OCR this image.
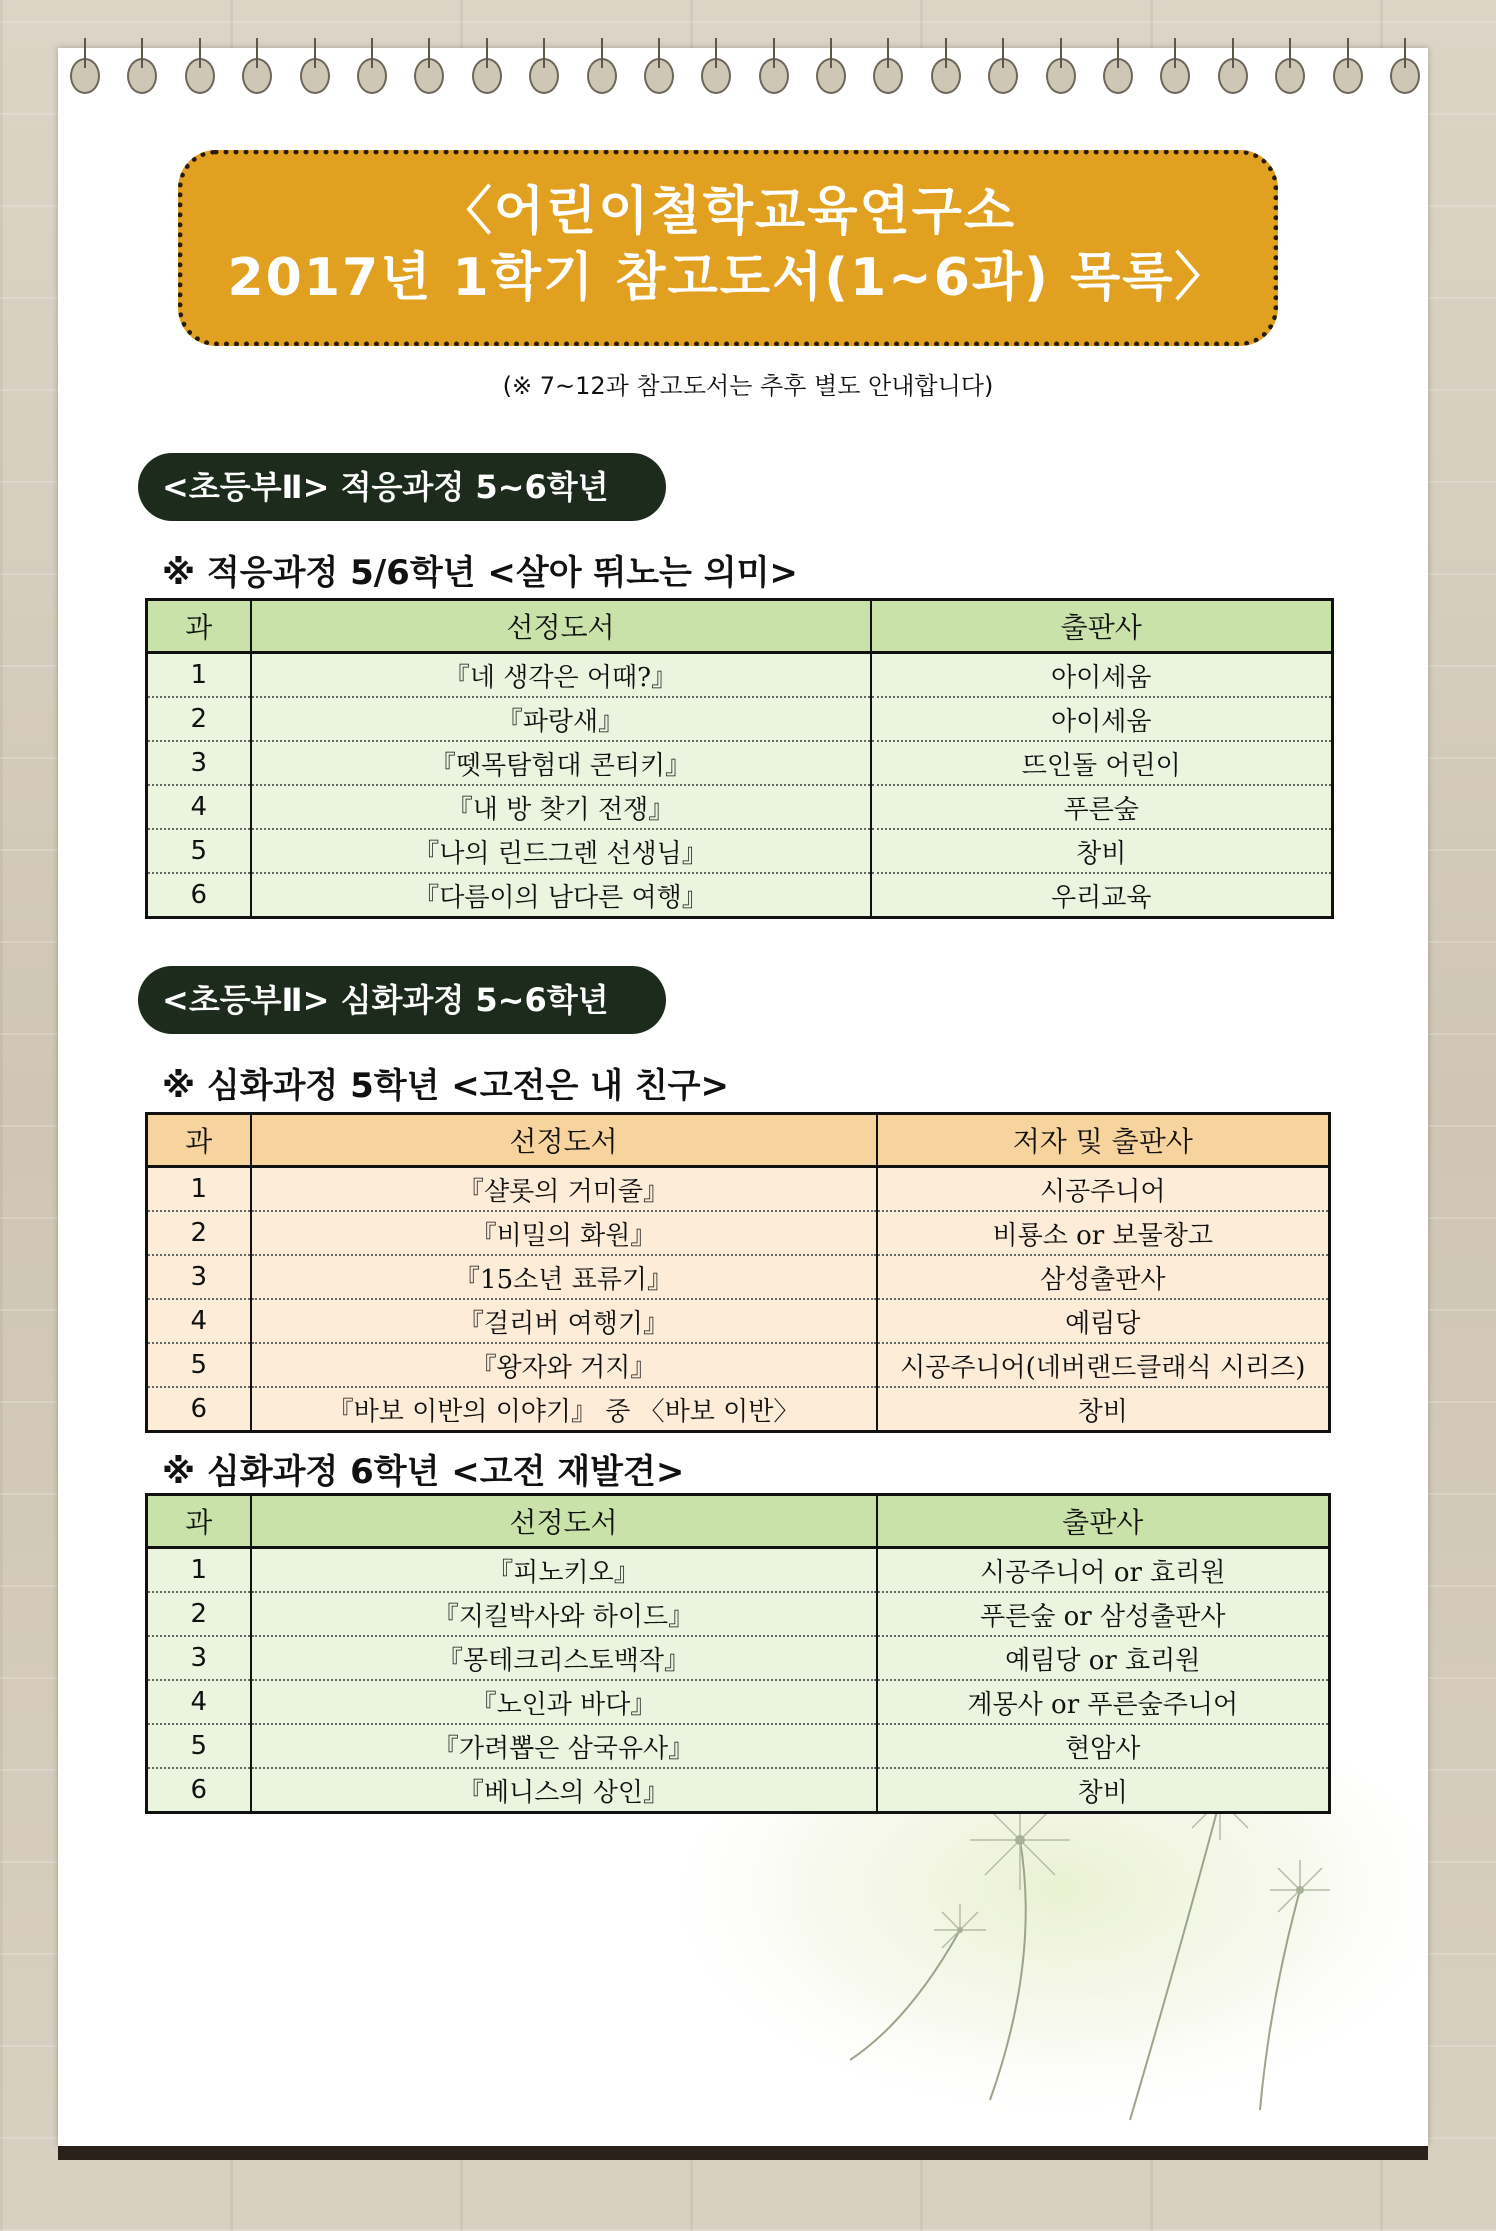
〈어린이철학교육연구소
2017년 1학기 참고도서(1~6과) 목록〉
(※ 7~12과 참고도서는 추후 별도 안내합니다)
<초등부Ⅱ> 적응과정 5~6학년
※ 적응과정 5/6학년 <살아 뛰노는 의미>
과	선정도서	출판사
1	『네 생각은 어때?』	아이세움
2	『파랑새』	아이세움
3	『뗏목탐험대 콘티키』	뜨인돌 어린이
4	『내 방 찾기 전쟁』	푸른숲
5	『나의 린드그렌 선생님』	창비
6	『다름이의 남다른 여행』	우리교육
<초등부Ⅱ> 심화과정 5~6학년
※ 심화과정 5학년 <고전은 내 친구>
과	선정도서	저자 및 출판사
1	『샬롯의 거미줄』	시공주니어
2	『비밀의 화원』	비룡소 or 보물창고
3	『15소년 표류기』	삼성출판사
4	『걸리버 여행기』	예림당
5	『왕자와 거지』	시공주니어(네버랜드클래식 시리즈)
6	『바보 이반의 이야기』 중 〈바보 이반〉	창비
※ 심화과정 6학년 <고전 재발견>
과	선정도서	출판사
1	『피노키오』	시공주니어 or 효리원
2	『지킬박사와 하이드』	푸른숲 or 삼성출판사
3	『몽테크리스토백작』	예림당 or 효리원
4	『노인과 바다』	계몽사 or 푸른숲주니어
5	『가려뽑은 삼국유사』	현암사
6	『베니스의 상인』	창비
